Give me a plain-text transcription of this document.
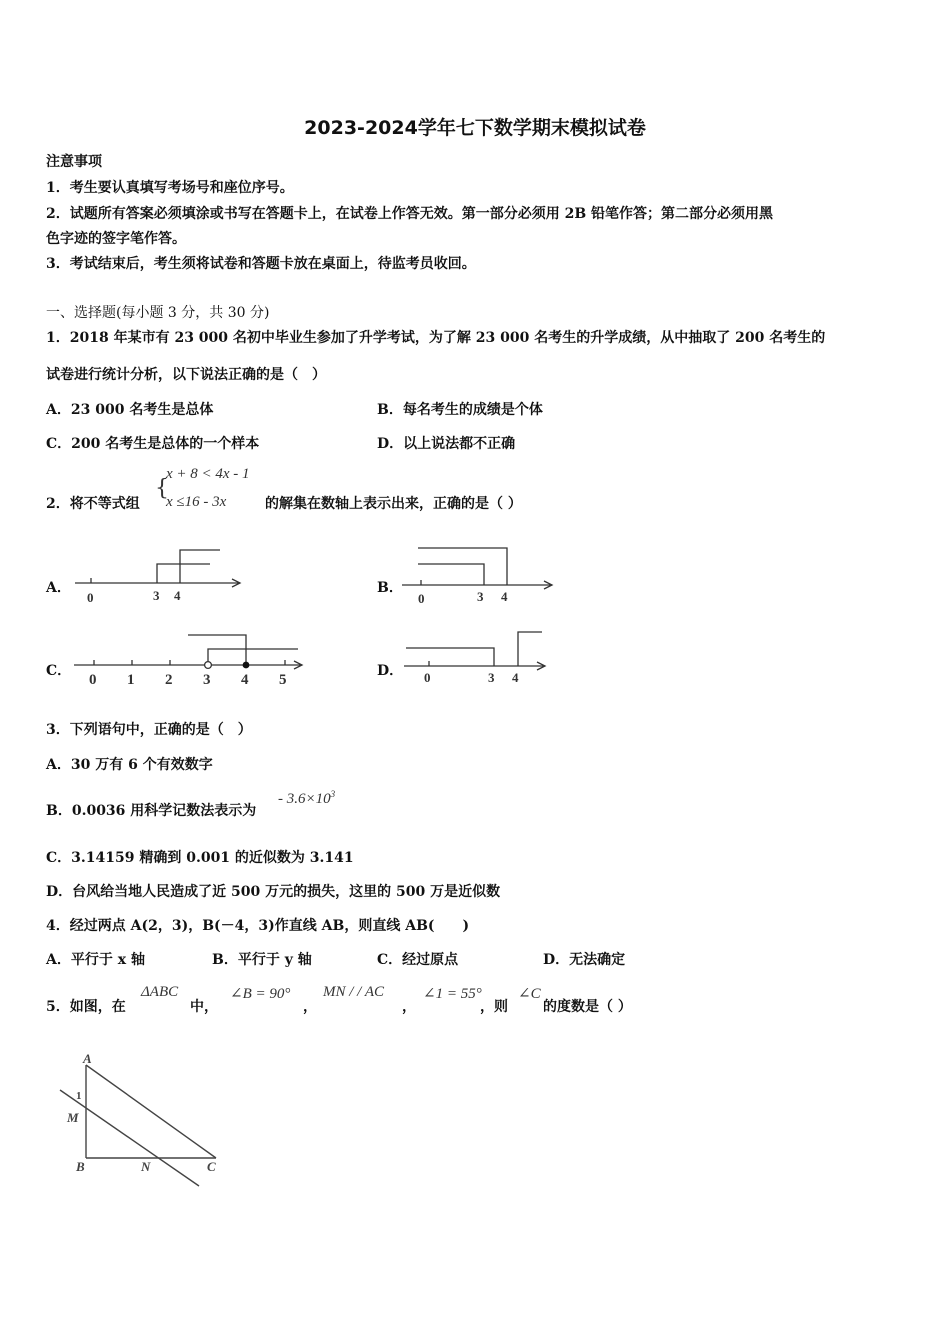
2023-2024学年七下数学期末模拟试卷
注意事项
1．考生要认真填写考场号和座位序号。
2．试题所有答案必须填涂或书写在答题卡上，在试卷上作答无效。第一部分必须用 2B 铅笔作答；第二部分必须用黑
色字迹的签字笔作答。
3．考试结束后，考生须将试卷和答题卡放在桌面上，待监考员收回。
一、选择题(每小题 3 分，共 30 分)
1．2018 年某市有 23 000 名初中毕业生参加了升学考试，为了解 23 000 名考生的升学成绩，从中抽取了 200 名考生的
试卷进行统计分析，以下说法正确的是（　）
A．23 000 名考生是总体	B．每名考生的成绩是个体
C．200 名考生是总体的一个样本	D．以上说法都不正确
2．将不等式组
{
x + 8 < 4x - 1
x ≤16 - 3x	的解集在数轴上表示出来，正确的是（ ）
A．	B．
C．	D．
0	3 4	0	3 4
0 1 2 3 4 5	0	3 4
3．下列语句中，正确的是（　）
A．30 万有 6 个有效数字
B．0.0036 用科学记数法表示为
- $3.6\times 10^3$
C．3.14159 精确到 0.001 的近似数为 3.141
D．台风给当地人民造成了近 500 万元的损失，这里的 500 万是近似数
4．经过两点 A(2，3)，B(－4，3)作直线 AB，则直线 AB(　　)
A．平行于 x 轴	B．平行于 y 轴	C．经过原点	D．无法确定
5．如图，在
ΔABC
中，
∠B = 90°
，
MN / / AC
，
∠1 = 55°
，则
∠C
的度数是（ ）
A
1
M
B	N	C
